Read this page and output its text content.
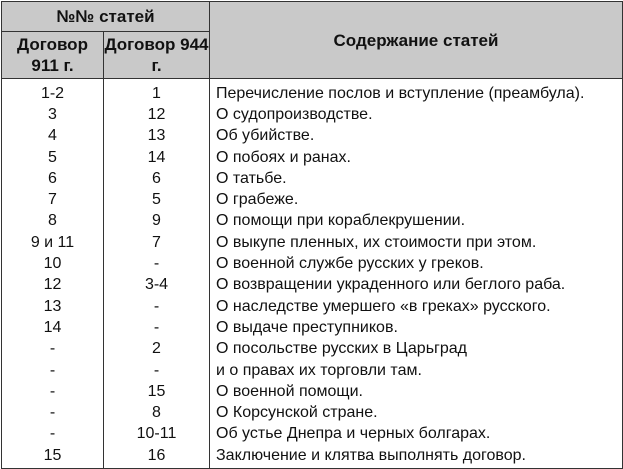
№№ статей		Содержание статей
Договор 911 г.	Договор 944 г.	
1-2	1	Перечисление послов и вступление (преамбула).
3	12	О судопроизводстве.
4	13	Об убийстве.
5	14	О побоях и ранах.
6	6	О татьбе.
7	5	О грабеже.
8	9	О помощи при кораблекрушении.
9 и 11	7	О выкупе пленных, их стоимости при этом.
10	-	О военной службе русских у греков.
12	3-4	О возвращении украденного или беглого раба.
13	-	О наследстве умершего «в греках» русского.
14	-	О выдаче преступников.
-	2	О посольстве русских в Царьград
-	-	и о правах их торговли там.
-	15	О военной помощи.
-	8	О Корсунской стране.
-	10-11	Об устье Днепра и черных болгарах.
15	16	Заключение и клятва выполнять договор.
